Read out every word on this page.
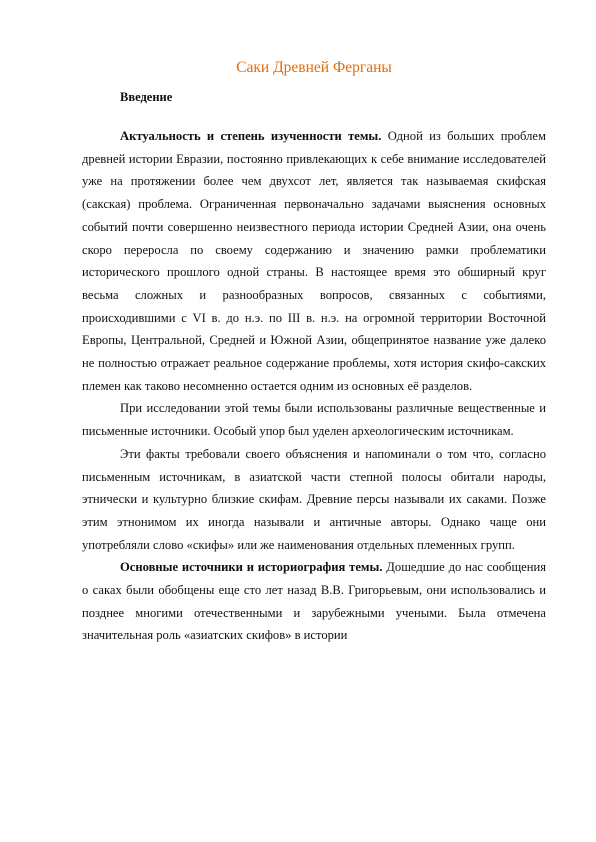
Саки Древней Ферганы
Введение

Актуальность и степень изученности темы. Одной из больших проблем древней истории Евразии, постоянно привлекающих к себе внимание исследователей уже на протяжении более чем двухсот лет, является так называемая скифская (сакская) проблема. Ограниченная первоначально задачами выяснения основных событий почти совершенно неизвестного периода истории Средней Азии, она очень скоро переросла по своему содержанию и значению рамки проблематики исторического прошлого одной страны. В настоящее время это обширный круг весьма сложных и разнообразных вопросов, связанных с событиями, происходившими с VI в. до н.э. по III в. н.э. на огромной территории Восточной Европы, Центральной, Средней и Южной Азии, общепринятое название уже далеко не полностью отражает реальное содержание проблемы, хотя история скифо-сакских племен как таково несомненно остается одним из основных её разделов.

При исследовании этой темы были использованы различные вещественные и письменные источники. Особый упор был уделен археологическим источникам.

Эти факты требовали своего объяснения и напоминали о том что, согласно письменным источникам, в азиатской части степной полосы обитали народы, этнически и культурно близкие скифам. Древние персы называли их саками. Позже этим этнонимом их иногда называли и античные авторы. Однако чаще они употребляли слово «скифы» или же наименования отдельных племенных групп.

Основные источники и историография темы. Дошедшие до нас сообщения о саках были обобщены еще сто лет назад В.В. Григорьевым, они использовались и позднее многими отечественными и зарубежными учеными. Была отмечена значительная роль «азиатских скифов» в истории
